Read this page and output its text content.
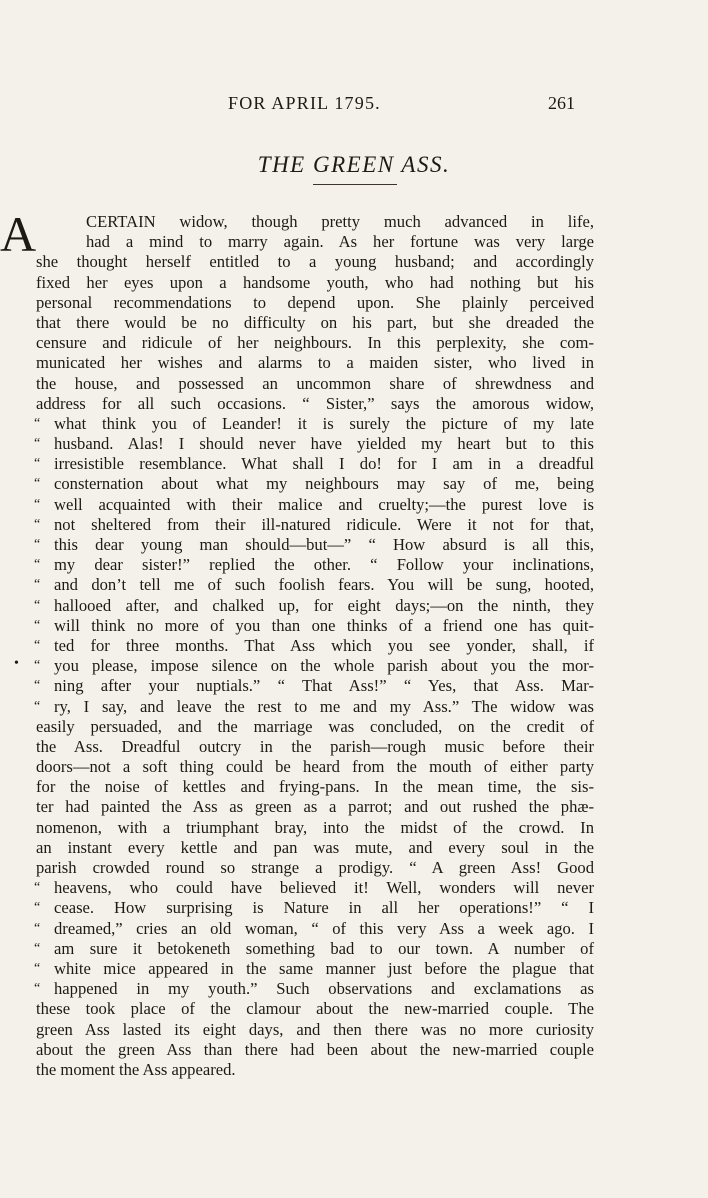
FOR APRIL 1795.	261
THE GREEN ASS.
A	CERTAIN widow, though pretty much advanced in life,
had a mind to marry again. As her fortune was very large
she thought herself entitled to a young husband; and accordingly
fixed her eyes upon a handsome youth, who had nothing but his
personal recommendations to depend upon. She plainly perceived
that there would be no difficulty on his part, but she dreaded the
censure and ridicule of her neighbours. In this perplexity, she com-
municated her wishes and alarms to a maiden sister, who lived in
the house, and possessed an uncommon share of shrewdness and
address for all such occasions. “ Sister,” says the amorous widow,
“ what think you of Leander! it is surely the picture of my late
“ husband. Alas! I should never have yielded my heart but to this
“ irresistible resemblance. What shall I do! for I am in a dreadful
“ consternation about what my neighbours may say of me, being
“ well acquainted with their malice and cruelty;—the purest love is
“ not sheltered from their ill-natured ridicule. Were it not for that,
“ this dear young man should—but—” “ How absurd is all this,
“ my dear sister!” replied the other. “ Follow your inclinations,
“ and don’t tell me of such foolish fears. You will be sung, hooted,
“ hallooed after, and chalked up, for eight days;—on the ninth, they
“ will think no more of you than one thinks of a friend one has quit-
“ ted for three months. That Ass which you see yonder, shall, if
“ you please, impose silence on the whole parish about you the mor-
“ ning after your nuptials.” “ That Ass!” “ Yes, that Ass. Mar-
“ ry, I say, and leave the rest to me and my Ass.” The widow was
easily persuaded, and the marriage was concluded, on the credit of
the Ass. Dreadful outcry in the parish—rough music before their
doors—not a soft thing could be heard from the mouth of either party
for the noise of kettles and frying-pans. In the mean time, the sis-
ter had painted the Ass as green as a parrot; and out rushed the phæ-
nomenon, with a triumphant bray, into the midst of the crowd. In
an instant every kettle and pan was mute, and every soul in the
parish crowded round so strange a prodigy. “ A green Ass! Good
“ heavens, who could have believed it! Well, wonders will never
“ cease. How surprising is Nature in all her operations!” “ I
“ dreamed,” cries an old woman, “ of this very Ass a week ago. I
“ am sure it betokeneth something bad to our town. A number of
“ white mice appeared in the same manner just before the plague that
“ happened in my youth.” Such observations and exclamations as
these took place of the clamour about the new-married couple. The
green Ass lasted its eight days, and then there was no more curiosity
about the green Ass than there had been about the new-married couple
the moment the Ass appeared.
•
